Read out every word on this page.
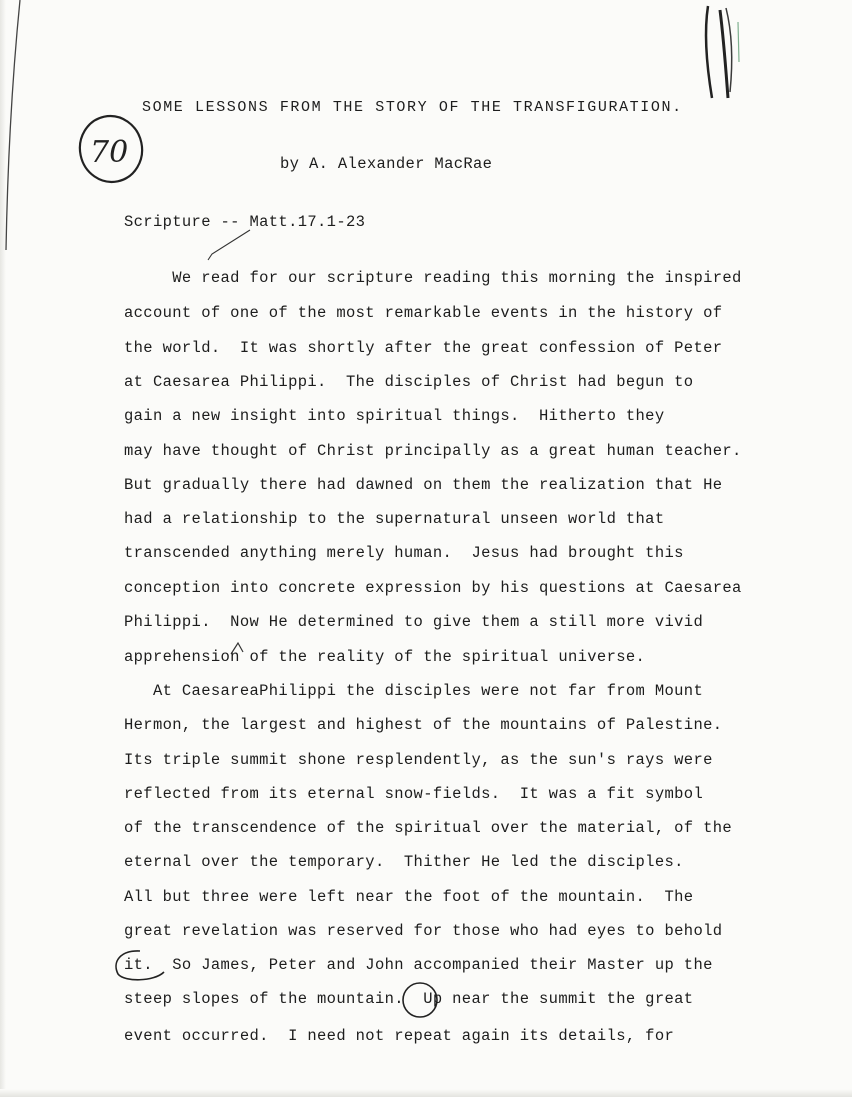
70
SOME LESSONS FROM THE STORY OF THE TRANSFIGURATION.
by A. Alexander MacRae
Scripture -- Matt.17.1-23
We read for our scripture reading this morning the inspired
account of one of the most remarkable events in the history of
the world.  It was shortly after the great confession of Peter
at Caesarea Philippi.  The disciples of Christ had begun to
gain a new insight into spiritual things.  Hitherto they
may have thought of Christ principally as a great human teacher.
But gradually there had dawned on them the realization that He
had a relationship to the supernatural unseen world that
transcended anything merely human.  Jesus had brought this
conception into concrete expression by his questions at Caesarea
Philippi.  Now He determined to give them a still more vivid
apprehension of the reality of the spiritual universe.
At CaesareaPhilippi the disciples were not far from Mount
Hermon, the largest and highest of the mountains of Palestine.
Its triple summit shone resplendently, as the sun's rays were
reflected from its eternal snow-fields.  It was a fit symbol
of the transcendence of the spiritual over the material, of the
eternal over the temporary.  Thither He led the disciples.
All but three were left near the foot of the mountain.  The
great revelation was reserved for those who had eyes to behold
it.  So James, Peter and John accompanied their Master up the
steep slopes of the mountain.  Up near the summit the great
event occurred.  I need not repeat again its details, for
